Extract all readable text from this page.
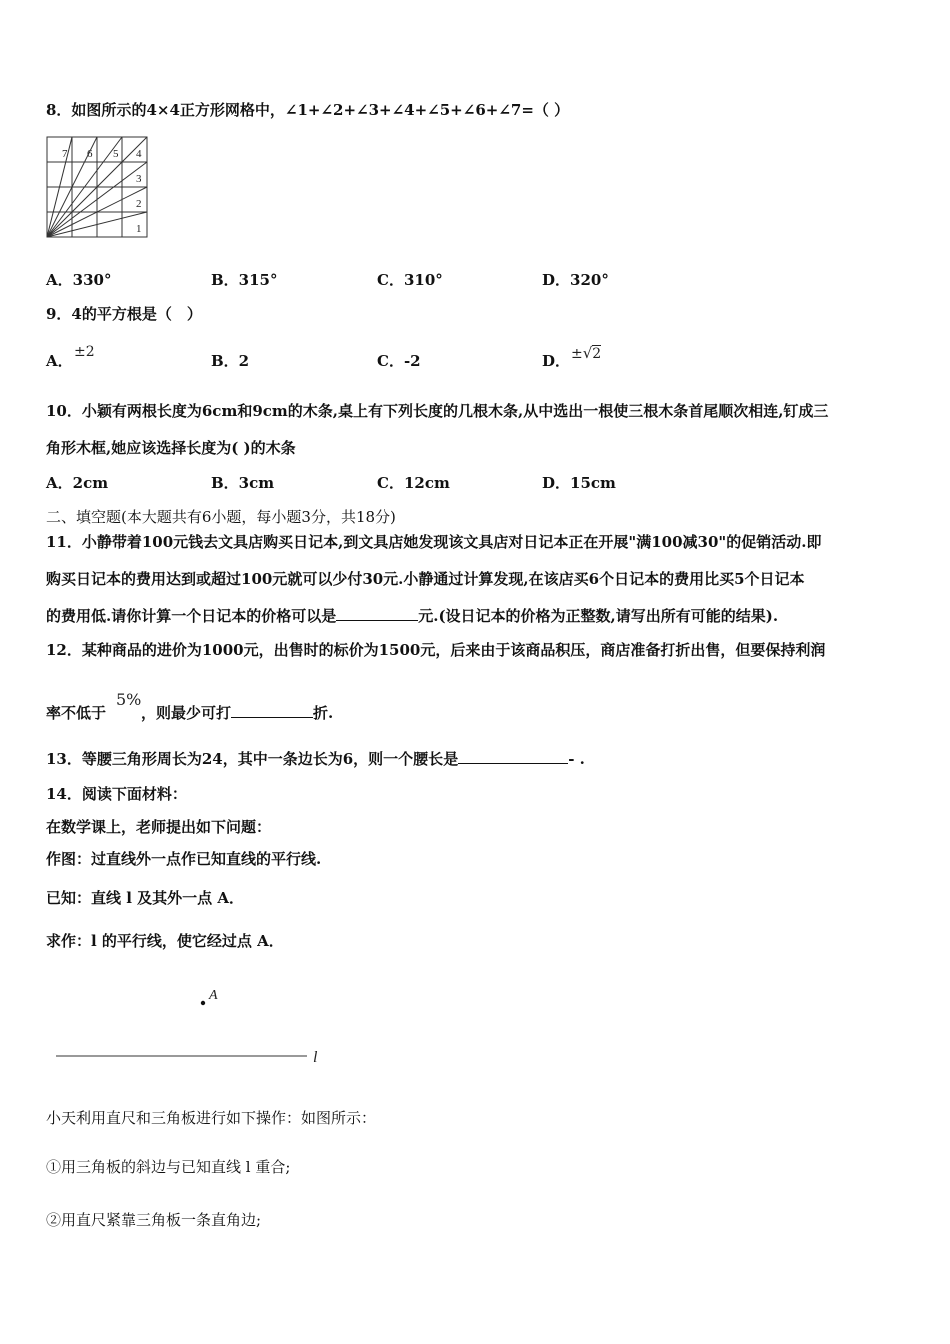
8．如图所示的4×4正方形网格中，∠1+∠2+∠3+∠4+∠5+∠6+∠7=（ ）
1
2
3
4
5
6
7
A．330°	B．315°	C．310°	D．320°
9．4的平方根是（　）
A． ±2	B．2	C．-2	D． ±√2
10．小颖有两根长度为6cm和9cm的木条,桌上有下列长度的几根木条,从中选出一根使三根木条首尾顺次相连,钉成三
角形木框,她应该选择长度为( )的木条
A．2cm	B．3cm	C．12cm	D．15cm
二、填空题(本大题共有6小题，每小题3分，共18分)
11．小静带着100元钱去文具店购买日记本,到文具店她发现该文具店对日记本正在开展"满100减30"的促销活动.即
购买日记本的费用达到或超过100元就可以少付30元.小静通过计算发现,在该店买6个日记本的费用比买5个日记本
的费用低.请你计算一个日记本的价格可以是	元.(设日记本的价格为正整数,请写出所有可能的结果).
12．某种商品的进价为1000元，出售时的标价为1500元，后来由于该商品积压，商店准备打折出售，但要保持利润
5%
率不低于 ，则最少可打	折.
13．等腰三角形周长为24，其中一条边长为6，则一个腰长是	- .
14．阅读下面材料：
在数学课上，老师提出如下问题：
作图：过直线外一点作已知直线的平行线.
已知：直线 l 及其外一点 A．
求作：l 的平行线，使它经过点 A．
A
l
小天利用直尺和三角板进行如下操作：如图所示：
①用三角板的斜边与已知直线 l 重合;
②用直尺紧靠三角板一条直角边;
